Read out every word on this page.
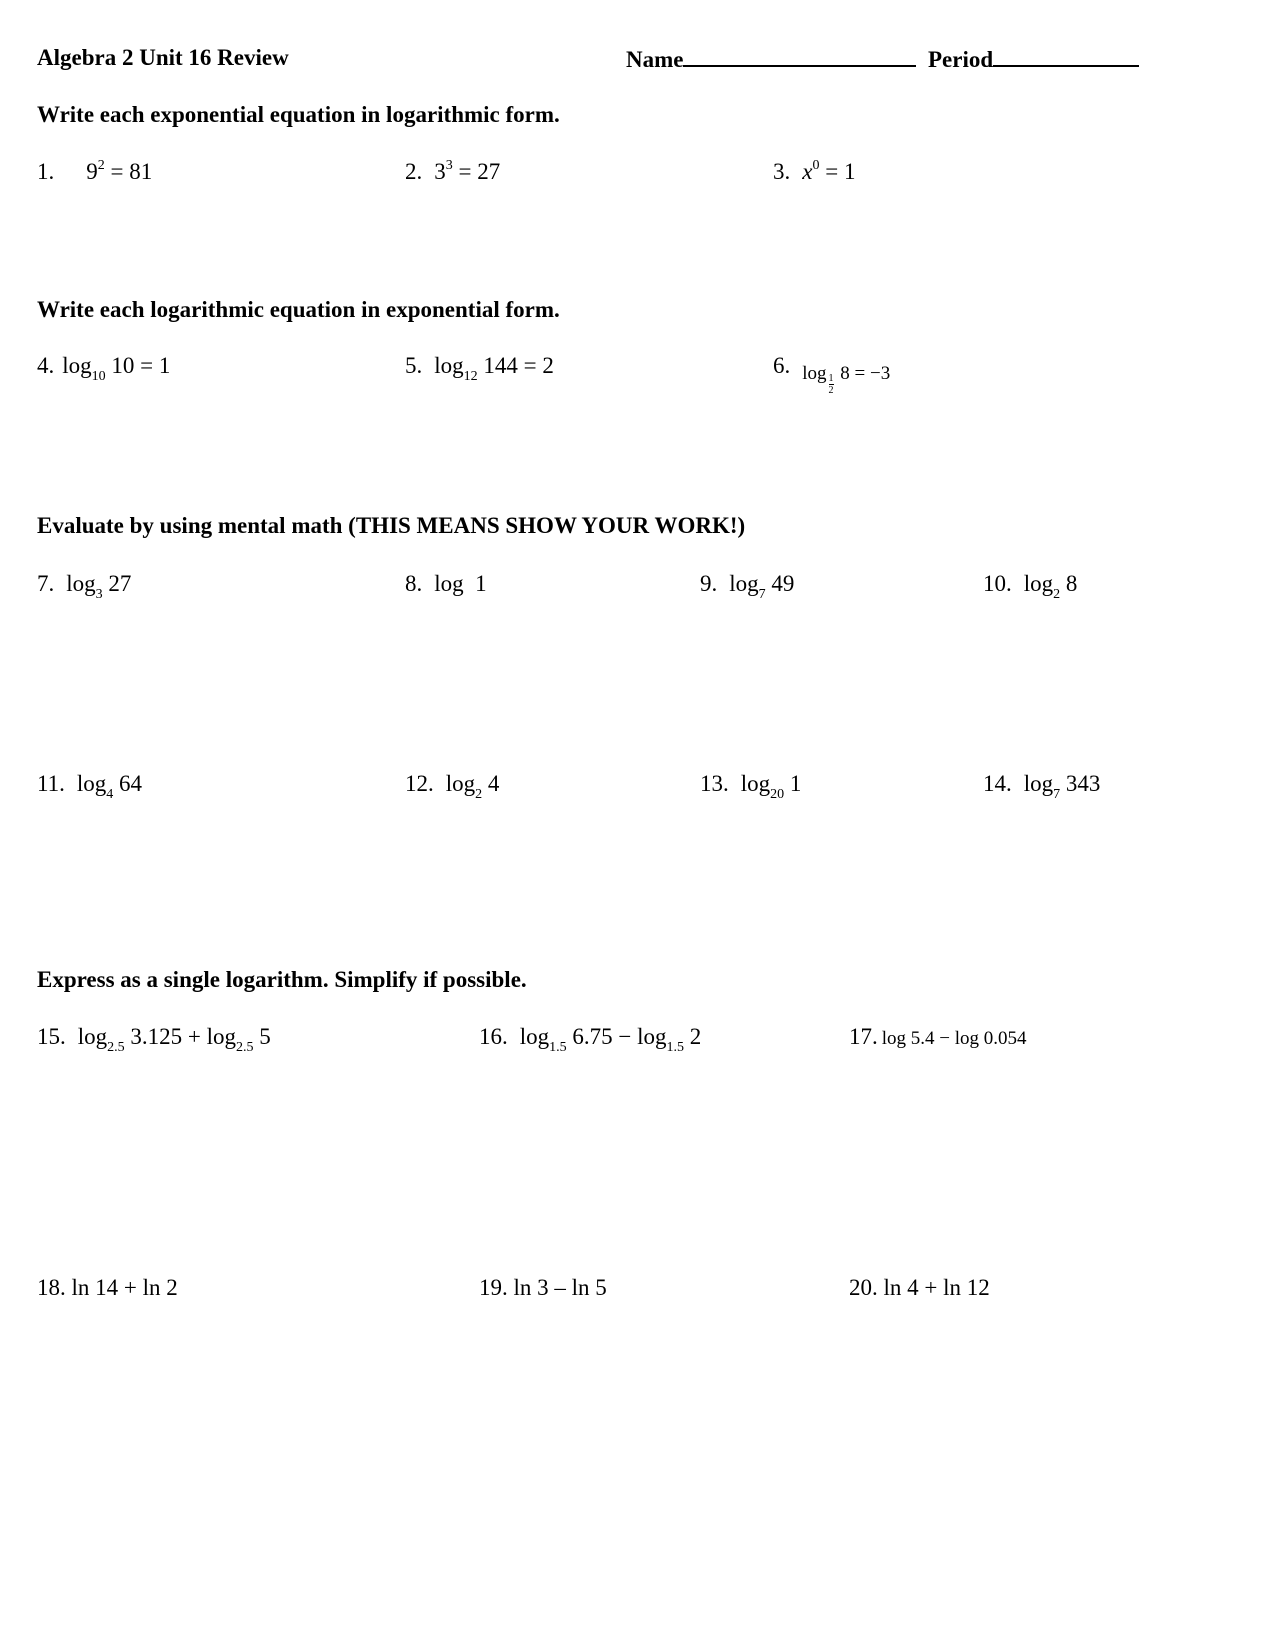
Algebra 2 Unit 16 Review	Name	Period
Write each exponential equation in logarithmic form.
1. $9^2 = 81$	2. $3^3 = 27$	3. $x^0 = 1$
Write each logarithmic equation in exponential form.
4. $\log_{10} 10 = 1$	5. $\log_{12} 144 = 2$	6. $_{log \frac{1}{2} 8 = -3}$
Evaluate by using mental math (THIS MEANS SHOW YOUR WORK!)
7. $\log_3 27$	8. log  1	9. $\log_7 49$	10. $\log_2 8$
11. $\log_4 64$	12. $\log_2 4$	13. $\log_{20} 1$	14. $\log_7 343$
Express as a single logarithm. Simplify if possible.
15. $\log_{2.5} 3.125 + \log_{2.5} 5$	16. $\log_{1.5} 6.75 - \log_{1.5} 2$	17. log 5.4 − log 0.054
18. ln 14 + ln 2	19. ln 3 – ln 5	20. ln 4 + ln 12
